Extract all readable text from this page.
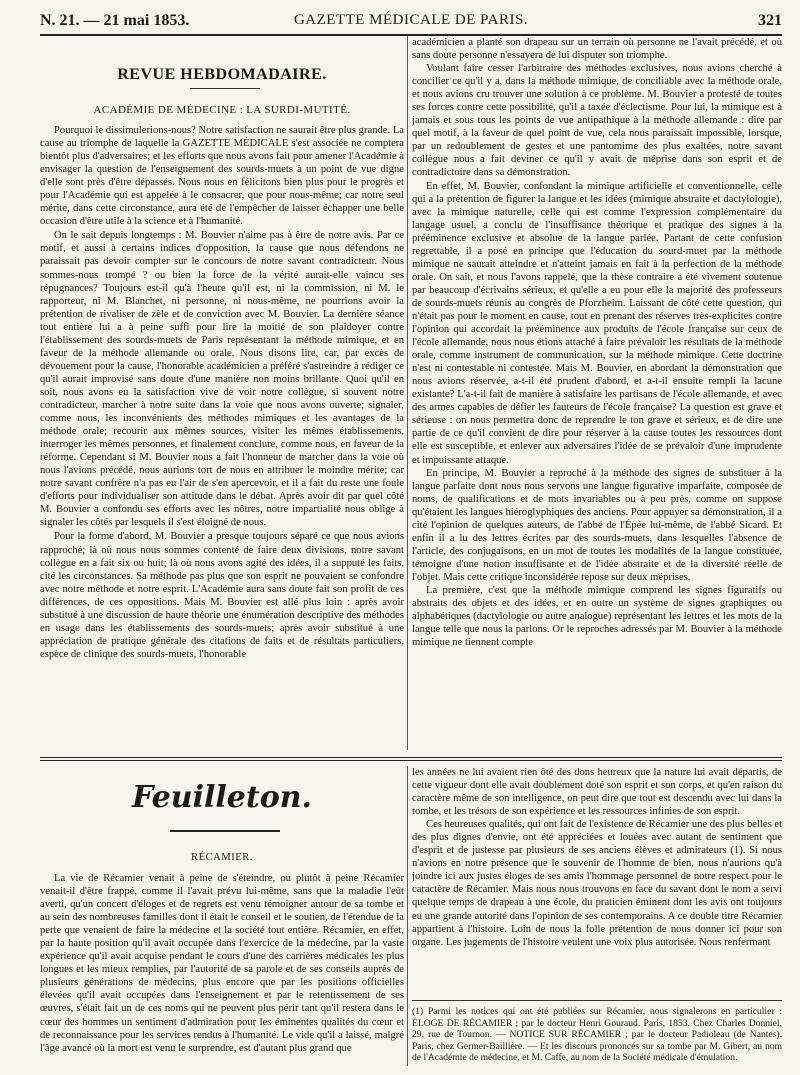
N. 21. — 21 mai 1853.	GAZETTE MÉDICALE DE PARIS.	321
REVUE HEBDOMADAIRE.
ACADÉMIE DE MÉDECINE : LA SURDI-MUTITÉ.

Pourquoi le dissimulerions-nous? Notre satisfaction ne saurait être plus grande. La cause au triomphe de laquelle la GAZETTE MÉDICALE s'est associée ne comptera bientôt plus d'adversaires; et les efforts que nous avons fait pour amener l'Académie à envisager la question de l'enseignement des sourds-muets à un point de vue digne d'elle sont près d'être dépassés. Nous nous en félicitons bien plus pour le progrès et pour l'Académie qui est appelée à le consacrer, que pour nous-même; car notre seul mérite, dans cette circonstance, aura été de l'empêcher de laisser échapper une belle occasion d'être utile à la science et à l'humanité.

On le sait depuis longtemps : M. Bouvier n'aime pas à être de notre avis. Par ce motif, et aussi à certains indices d'opposition, la cause que nous défendons ne paraissait pas devoir compter sur le concours de notre savant contradicteur. Nous sommes-nous trompé ? ou bien la force de la vérité aurait-elle vaincu ses répugnances? Toujours est-il qu'à l'heure qu'il est, ni la commission, ni M. le rapporteur, ni M. Blanchet, ni personne, ni nous-même, ne pourrions avoir la prétention de rivaliser de zèle et de conviction avec M. Bouvier. La dernière séance tout entière lui a à peine suffi pour lire la moitié de son plaidoyer contre l'établissement des sourds-muets de Paris représentant la méthode mimique, et en faveur de la méthode allemande ou orale. Nous disons lire, car, par excès de dévouement pour la cause, l'honorable académicien a préféré s'astreindre à rédiger ce qu'il aurait improvisé sans doute d'une manière non moins brillante. Quoi qu'il en soit, nous avons eu la satisfaction vive de voir notre collègue, si souvent notre contradicteur, marcher à notre suite dans la voie que nous avons ouverte; signaler, comme nous, les inconvénients des méthodes mimiques et les avantages de la méthode orale; recourir aux mêmes sources, visiter les mêmes établissements, interroger les mêmes personnes, et finalement conclure, comme nous, en faveur de la réforme. Cependant si M. Bouvier nous a fait l'honneur de marcher dans la voie où nous l'avions précédé, nous aurions tort de nous en attribuer le moindre mérite; car notre savant confrère n'a pas eu l'air de s'en apercevoir, et il a fait du reste une foule d'efforts pour individualiser son attitude dans le débat. Après avoir dit par quel côté M. Bouvier a confondu ses efforts avec les nôtres, notre impartialité nous oblige à signaler les côtés par lesquels il s'est éloigné de nous.

Pour la forme d'abord, M. Bouvier a presque toujours séparé ce que nous avions rapproché; là où nous nous sommes contenté de faire deux divisions, notre savant collègue en a fait six ou huit; là où nous avons agité des idées, il a supputé les faits, cité les circonstances. Sa méthode pas plus que son esprit ne pouvaient se confondre avec notre méthode et notre esprit. L'Académie aura sans doute fait son profit de ces différences, de ces oppositions. Mais M. Bouvier est allé plus loin : après avoir substitué à une discussion de haute théorie une énumération descriptive des méthodes en usage dans les établissements des sourds-muets; après avoir substitué à une appréciation de pratique générale des citations de faits et de résultats particuliers, espèce de clinique des sourds-muets, l'honorable

académicien a planté son drapeau sur un terrain où personne ne l'avait précédé, et où sans doute personne n'essayera de lui disputer son triomphe.

Voulant faire cesser l'arbitraire des méthodes exclusives, nous avions cherché à concilier ce qu'il y a, dans la méthode mimique, de conciliable avec la méthode orale, et nous avions cru trouver une solution à ce problème. M. Bouvier a protesté de toutes ses forces contre cette possibilité, qu'il a taxée d'éclectisme. Pour lui, la mimique est à jamais et sous tous les points de vue antipathique à la méthode allemande : dire par quel motif, à la faveur de quel point de vue, cela nous paraissait impossible, lorsque, par un redoublement de gestes et une pantomime des plus exaltées, notre savant collègue nous a fait deviner ce qu'il y avait de méprise dans son esprit et de contradictoire dans sa démonstration.

En effet, M. Bouvier, confondant la mimique artificielle et conventionnelle, celle qui a la prétention de figurer la langue et les idées (mimique abstraite et dactylologie), avec la mimique naturelle, celle qui est comme l'expression complémentaire du langage usuel, a conclu de l'insuffisance théorique et pratique des signes à la prééminence exclusive et absolue de la langue parlée. Partant de cette confusion regrettable, il a posé en principe que l'éducation du sourd-muet par la méthode mimique ne saurait atteindre et n'atteint jamais en fait à la perfection de la méthode orale. On sait, et nous l'avons rappelé, que la thèse contraire a été vivement soutenue par beaucoup d'écrivains sérieux, et qu'elle a eu pour elle la majorité des professeurs de sourds-muets réunis au congrès de Pforzheim. Laissant de côté cette question, qui n'était pas pour le moment en cause, tout en prenant des réserves très-explicites contre l'opinion qui accordait la prééminence aux produits de l'école française sur ceux de l'école allemande, nous nous étions attaché à faire prévaloir les résultats de la méthode orale, comme instrument de communication, sur la méthode mimique. Cette doctrine n'est ni contestable ni contestée. Mais M. Bouvier, en abordant la démonstration que nous avions réservée, a-t-il été prudent d'abord, et a-t-il ensuite rempli la lacune existante? L'a-t-il fait de manière à satisfaire les partisans de l'école allemande, et avec des armes capables de défier les fauteurs de l'école française? La question est grave et sérieuse : on nous permettra donc de reprendre le ton grave et sérieux, et de dire une partie de ce qu'il convient de dire pour réserver à la cause toutes les ressources dont elle est susceptible, et enlever aux adversaires l'idée de se prévaloir d'une imprudente et impuissante attaque.

En principe, M. Bouvier a reproché à la méthode des signes de substituer à la langue parfaite dont nous nous servons une langue figurative imparfaite, composée de noms, de qualifications et de mots invariables ou à peu près, comme on suppose qu'étaient les langues hiéroglyphiques des anciens. Pour appuyer sa démonstration, il a cité l'opinion de quelques auteurs, de l'abbé de l'Épée lui-même, de l'abbé Sicard. Et enfin il a lu des lettres écrites par des sourds-muets, dans lesquelles l'absence de l'article, des conjugaisons, en un mot de toutes les modalités de la langue constituée, témoigne d'une notion insuffisante et de l'idée abstraite et de la diversité réelle de l'objet. Mais cette critique inconsidérée repose sur deux méprises.

La première, c'est que la méthode mimique comprend les signes figuratifs ou abstraits des objets et des idées, et en outre un système de signes graphiques ou alphabétiques (dactylologie ou autre analogue) représentant les lettres et les mots de la langue telle que nous la parlons. Or le reproches adressés par M. Bouvier à la méthode mimique ne tiennent compte

Feuilleton.
RÉCAMIER.

La vie de Récamier venait à peine de s'éteindre, ou plutôt à peine Récamier venait-il d'être frappé, comme il l'avait prévu lui-même, sans que la maladie l'eût averti, qu'un concert d'éloges et de regrets est venu témoigner autour de sa tombe et au sein des nombreuses familles dont il était le conseil et le soutien, de l'étendue de la perte que venaient de faire la médecine et la société tout entière. Récamier, en effet, par la haute position qu'il avait occupée dans l'exercice de la médecine, par la vaste expérience qu'il avait acquise pendant le cours d'une des carrières médicales les plus longues et les mieux remplies, par l'autorité de sa parole et de ses conseils auprès de plusieurs générations de médecins, plus encore que par les positions officielles élevées qu'il avait occupées dans l'enseignement et par le retentissement de ses œuvres, s'était fait un de ces noms qui ne peuvent plus périr tant qu'il restera dans le cœur des hommes un sentiment d'admiration pour les éminentes qualités du cœur et de reconnaissance pour les services rendus à l'humanité. Le vide qu'il a laissé, malgré l'âge avancé où la mort est venu le surprendre, est d'autant plus grand que

les années ne lui avaient rien ôté des dons heureux que la nature lui avait départis, de cette vigueur dont elle avait doublement doté son esprit et son corps, et qu'en raison du caractère même de son intelligence, on peut dire que tout est descendu avec lui dans la tombe, et les trésors de son expérience et les ressources infinies de son esprit.

Ces heureuses qualités, qui ont fait de l'existence de Récamier une des plus belles et des plus dignes d'envie, ont été appréciées et louées avec autant de sentiment que d'esprit et de justesse par plusieurs de ses anciens élèves et admirateurs (1). Si nous n'avions en notre présence que le souvenir de l'homme de bien, nous n'aurions qu'à joindre ici aux justes éloges de ses amis l'hommage personnel de notre respect pour le caractère de Récamier. Mais nous nous trouvons en face du savant dont le nom a servi quelque temps de drapeau à une école, du praticien éminent dont les avis ont toujours eu une grande autorité dans l'opinion de ses contemporains. A ce double titre Récamier appartient à l'histoire. Loin de nous la folle prétention de nous donner ici pour son organe. Les jugements de l'histoire veulent une voix plus autorisée. Nous renfermant

(1) Parmi les notices qui ont été publiées sur Récamier, nous signalerons en particulier : ÉLOGE DE RÉCAMIER ; par le docteur Henri Gouraud. Paris, 1853. Chez Charles Donniel, 29, rue de Tournon. — NOTICE SUR RÉCAMIER ; par le docteur Padioleau (de Nantes). Paris, chez Germer-Baillière. — Et les discours prononcés sur sa tombe par M. Gibert, au nom de l'Académie de médecine, et M. Caffe, au nom de la Société médicale d'émulation.
